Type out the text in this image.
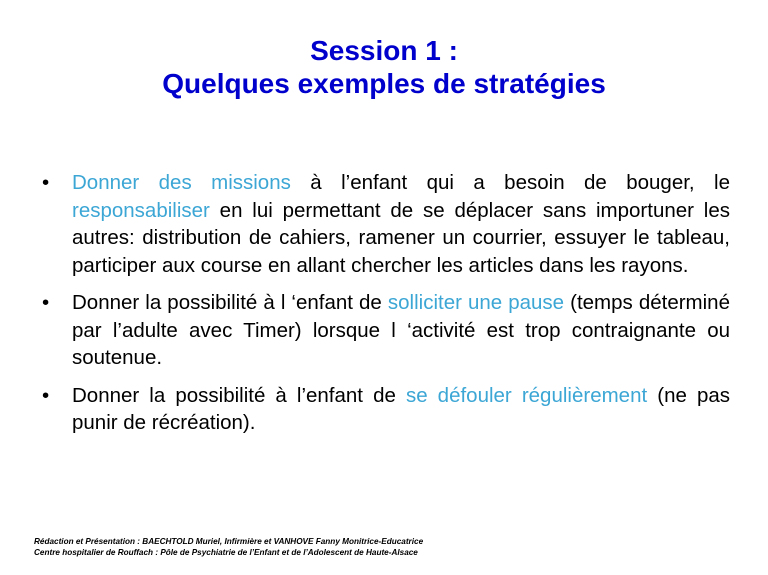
Session 1 :
Quelques exemples de stratégies
•	Donner des missions à l’enfant qui a besoin de bouger, le responsabiliser en lui permettant de se déplacer sans importuner les autres: distribution de cahiers, ramener un courrier, essuyer le tableau, participer aux course en allant chercher les articles dans les rayons.
•	Donner la possibilité à l ‘enfant de solliciter une pause (temps déterminé par l’adulte avec Timer) lorsque l ‘activité est trop contraignante ou soutenue.
•	Donner la possibilité à l’enfant de se défouler régulièrement (ne pas punir de récréation).
Rédaction et Présentation : BAECHTOLD Muriel, Infirmière et VANHOVE Fanny Monitrice-Educatrice
Centre hospitalier de Rouffach : Pôle de Psychiatrie de l’Enfant et de l’Adolescent de Haute-Alsace
